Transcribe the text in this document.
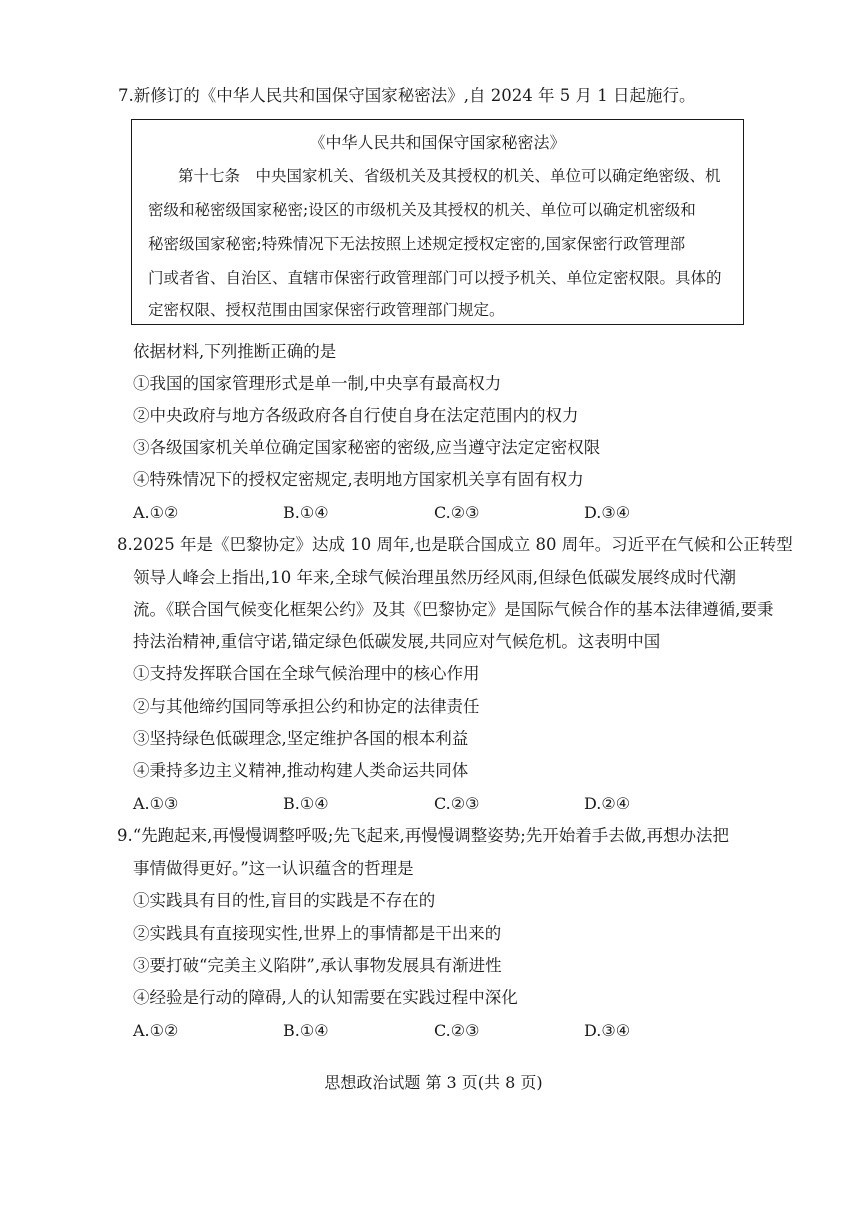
7.新修订的《中华人民共和国保守国家秘密法》,自 2024 年 5 月 1 日起施行。
《中华人民共和国保守国家秘密法》
第十七条　中央国家机关、省级机关及其授权的机关、单位可以确定绝密级、机
密级和秘密级国家秘密;设区的市级机关及其授权的机关、单位可以确定机密级和
秘密级国家秘密;特殊情况下无法按照上述规定授权定密的,国家保密行政管理部
门或者省、自治区、直辖市保密行政管理部门可以授予机关、单位定密权限。具体的
定密权限、授权范围由国家保密行政管理部门规定。
依据材料,下列推断正确的是
①我国的国家管理形式是单一制,中央享有最高权力
②中央政府与地方各级政府各自行使自身在法定范围内的权力
③各级国家机关单位确定国家秘密的密级,应当遵守法定定密权限
④特殊情况下的授权定密规定,表明地方国家机关享有固有权力
A.①②	B.①④	C.②③	D.③④
8.2025 年是《巴黎协定》达成 10 周年,也是联合国成立 80 周年。习近平在气候和公正转型
领导人峰会上指出,10 年来,全球气候治理虽然历经风雨,但绿色低碳发展终成时代潮
流。《联合国气候变化框架公约》及其《巴黎协定》是国际气候合作的基本法律遵循,要秉
持法治精神,重信守诺,锚定绿色低碳发展,共同应对气候危机。这表明中国
①支持发挥联合国在全球气候治理中的核心作用
②与其他缔约国同等承担公约和协定的法律责任
③坚持绿色低碳理念,坚定维护各国的根本利益
④秉持多边主义精神,推动构建人类命运共同体
A.①③	B.①④	C.②③	D.②④
9.“先跑起来,再慢慢调整呼吸;先飞起来,再慢慢调整姿势;先开始着手去做,再想办法把
事情做得更好。”这一认识蕴含的哲理是
①实践具有目的性,盲目的实践是不存在的
②实践具有直接现实性,世界上的事情都是干出来的
③要打破“完美主义陷阱”,承认事物发展具有渐进性
④经验是行动的障碍,人的认知需要在实践过程中深化
A.①②	B.①④	C.②③	D.③④
思想政治试题 第 3 页(共 8 页)
